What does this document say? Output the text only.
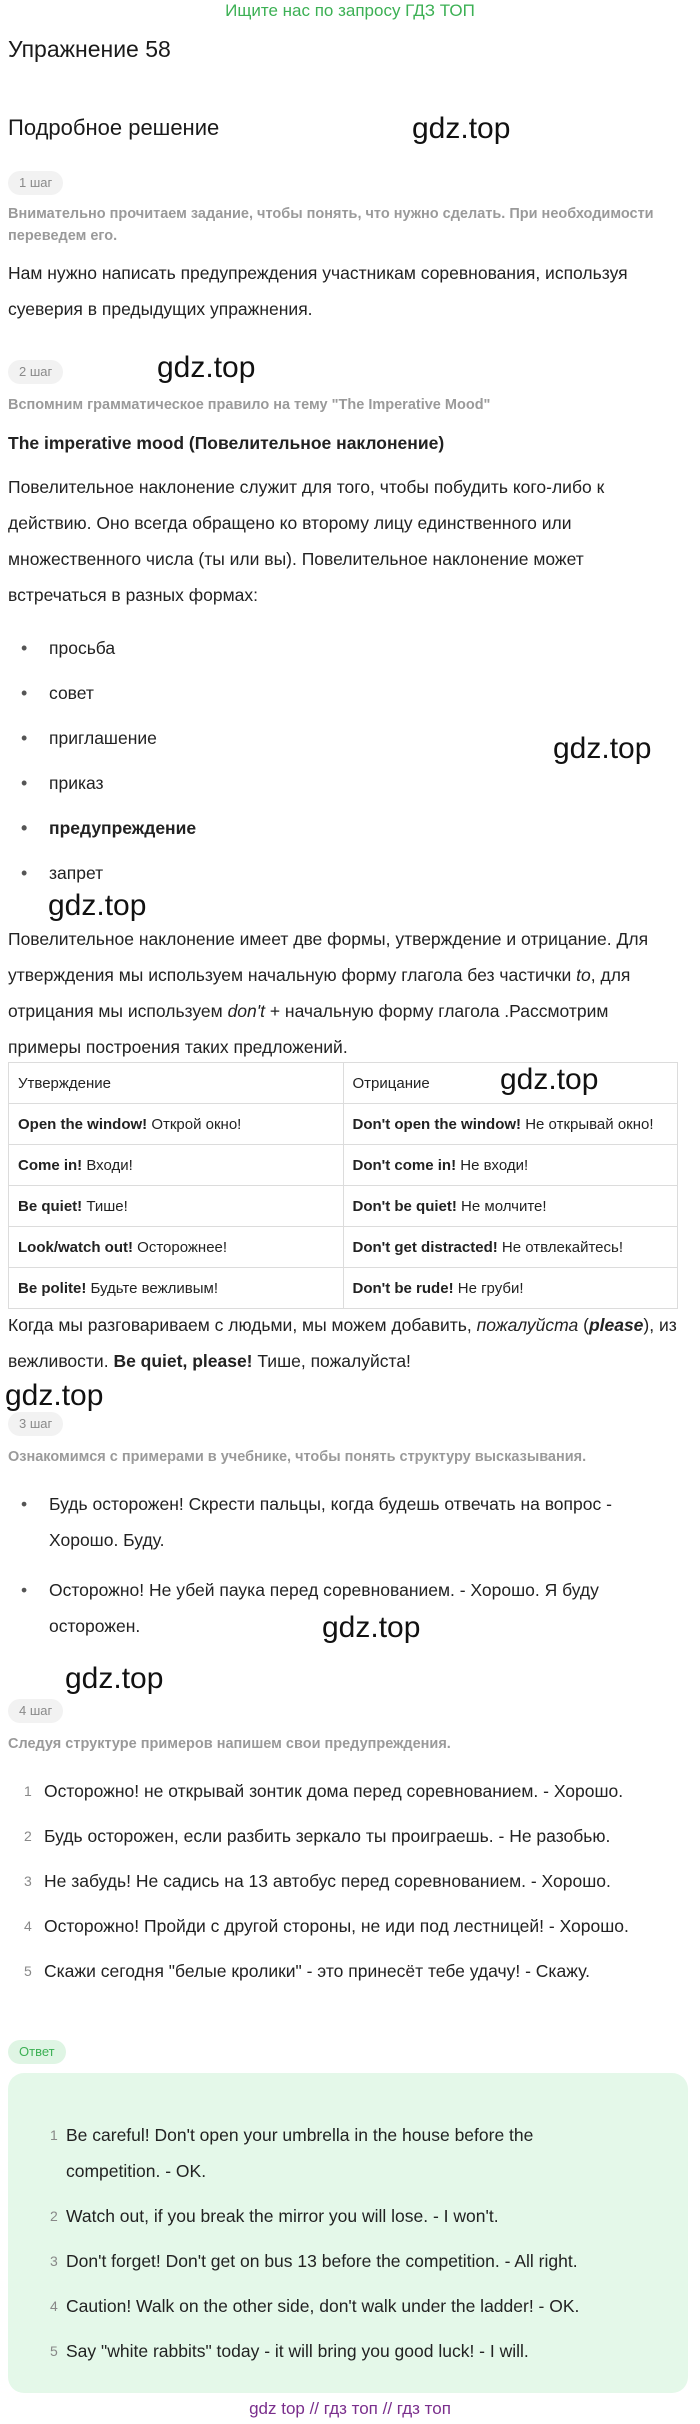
Ищите нас по запросу ГДЗ ТОП
Упражнение 58
Подробное решение	gdz.top
gdz.top
gdz.top
gdz.top
gdz.top
gdz.top
gdz.top
gdz.top
1 шаг
Внимательно прочитаем задание, чтобы понять, что нужно сделать. При необходимости переведем его.
Нам нужно написать предупреждения участникам соревнования, используя суеверия в предыдущих упражнения.
2 шаг
Вспомним грамматическое правило на тему "The Imperative Mood"
The imperative mood (Повелительное наклонение)
Повелительное наклонение служит для того, чтобы побудить кого-либо к действию. Оно всегда обращено ко второму лицу единственного или множественного числа (ты или вы). Повелительное наклонение может встречаться в разных формах:
• просьба
• совет
• приглашение
• приказ
• предупреждение
• запрет
Повелительное наклонение имеет две формы, утверждение и отрицание. Для утверждения мы используем начальную форму глагола без частички to, для отрицания мы используем don't + начальную форму глагола .Рассмотрим примеры построения таких предложений.
Утверждение	Отрицание
Open the window! Открой окно!	Don't open the window! Не открывай окно!
Come in! Входи!	Don't come in! Не входи!
Be quiet! Тише!	Don't be quiet! Не молчите!
Look/watch out! Осторожнее!	Don't get distracted! Не отвлекайтесь!
Be polite! Будьте вежливым!	Don't be rude! Не груби!
Когда мы разговариваем с людьми, мы можем добавить, пожалуйста (please), из вежливости. Be quiet, please! Тише, пожалуйста!
3 шаг
Ознакомимся с примерами в учебнике, чтобы понять структуру высказывания.
• Будь осторожен! Скрести пальцы, когда будешь отвечать на вопрос - Хорошо. Буду.
• Осторожно! Не убей паука перед соревнованием. - Хорошо. Я буду осторожен.
4 шаг
Следуя структуре примеров напишем свои предупреждения.
1 Осторожно! не открывай зонтик дома перед соревнованием. - Хорошо.
2 Будь осторожен, если разбить зеркало ты проиграешь. - Не разобью.
3 Не забудь! Не садись на 13 автобус перед соревнованием. - Хорошо.
4 Осторожно! Пройди с другой стороны, не иди под лестницей! - Хорошо.
5 Скажи сегодня "белые кролики" - это принесёт тебе удачу! - Скажу.
Ответ
1 Be careful! Don't open your umbrella in the house before the competition. - OK.
2 Watch out, if you break the mirror you will lose. - I won't.
3 Don't forget! Don't get on bus 13 before the competition. - All right.
4 Caution! Walk on the other side, don't walk under the ladder! - OK.
5 Say "white rabbits" today - it will bring you good luck! - I will.
gdz top // гдз топ // гдз топ
